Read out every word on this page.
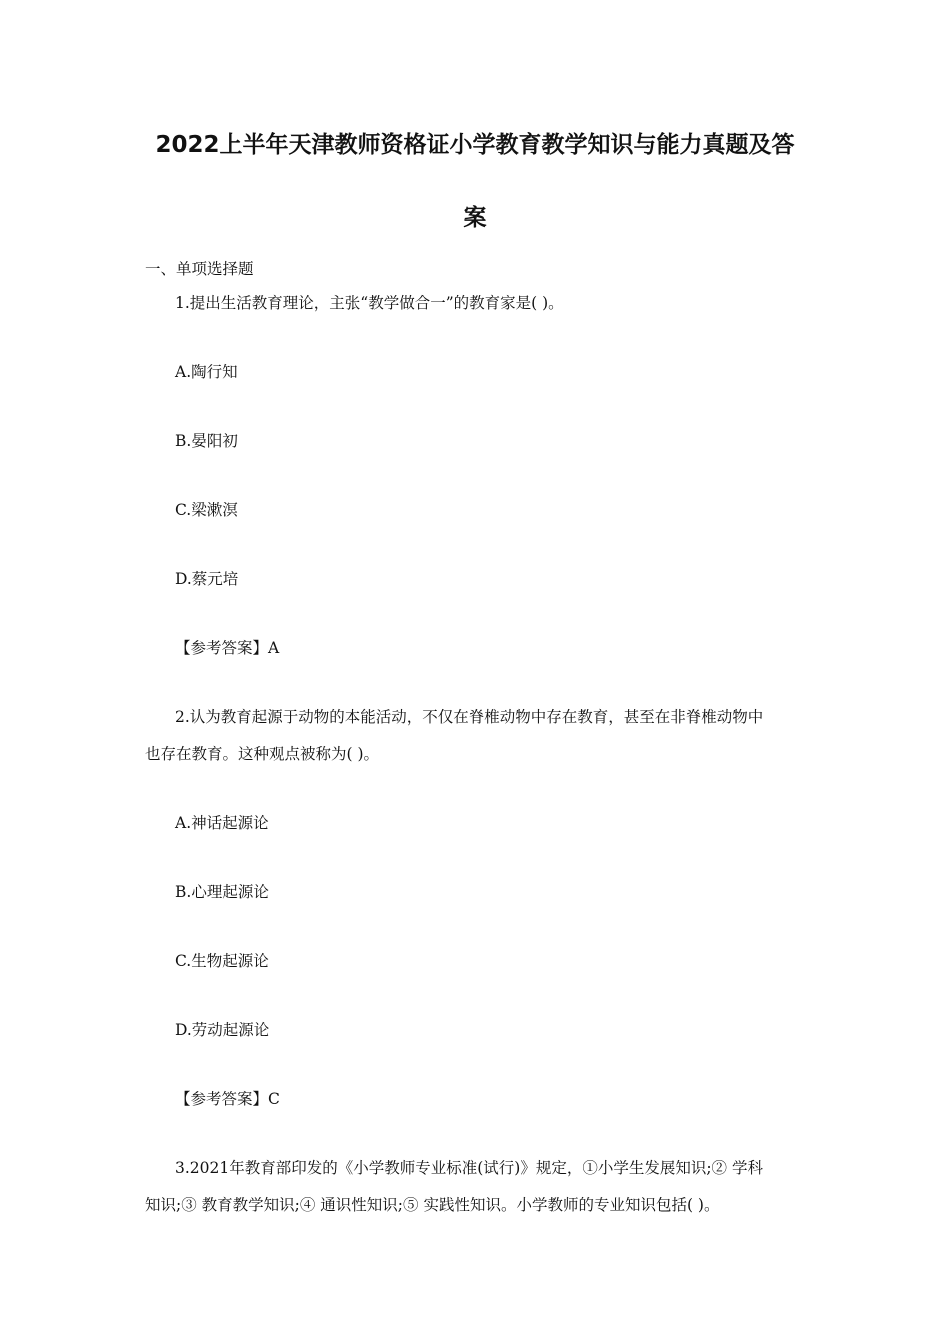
2022上半年天津教师资格证小学教育教学知识与能力真题及答
案
一、单项选择题
1.提出生活教育理论，主张“教学做合一”的教育家是( )。
A.陶行知
B.晏阳初
C.梁漱溟
D.蔡元培
【参考答案】A
2.认为教育起源于动物的本能活动，不仅在脊椎动物中存在教育，甚至在非脊椎动物中
也存在教育。这种观点被称为( )。
A.神话起源论
B.心理起源论
C.生物起源论
D.劳动起源论
【参考答案】C
3.2021年教育部印发的《小学教师专业标准(试行)》规定，①小学生发展知识;② 学科
知识;③ 教育教学知识;④ 通识性知识;⑤ 实践性知识。小学教师的专业知识包括( )。
